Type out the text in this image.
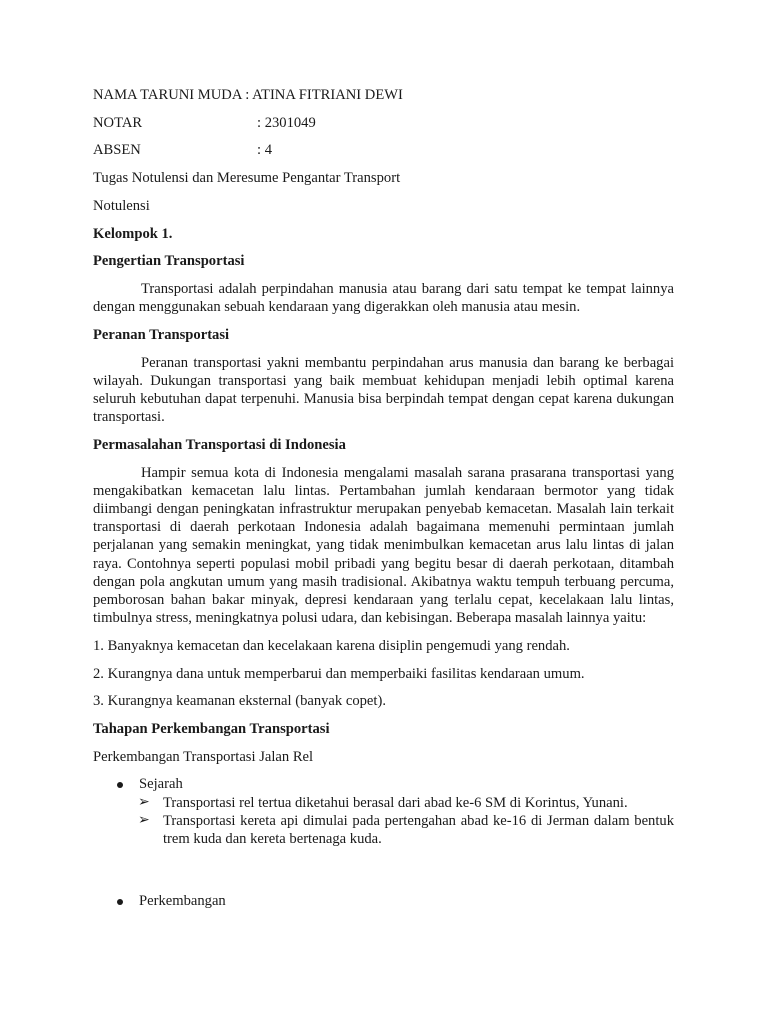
NAMA TARUNI MUDA : ATINA FITRIANI DEWI

NOTAR	: 2301049
ABSEN	: 4

Tugas Notulensi dan Meresume Pengantar Transport

Notulensi

Kelompok 1.

Pengertian Transportasi

Transportasi adalah perpindahan manusia atau barang dari satu tempat ke tempat lainnya dengan menggunakan sebuah kendaraan yang digerakkan oleh manusia atau mesin.

Peranan Transportasi

Peranan transportasi yakni membantu perpindahan arus manusia dan barang ke berbagai wilayah. Dukungan transportasi yang baik membuat kehidupan menjadi lebih optimal karena seluruh kebutuhan dapat terpenuhi. Manusia bisa berpindah tempat dengan cepat karena dukungan transportasi.

Permasalahan Transportasi di Indonesia

Hampir semua kota di Indonesia mengalami masalah sarana prasarana transportasi yang mengakibatkan kemacetan lalu lintas. Pertambahan jumlah kendaraan bermotor yang tidak diimbangi dengan peningkatan infrastruktur merupakan penyebab kemacetan. Masalah lain terkait transportasi di daerah perkotaan Indonesia adalah bagaimana memenuhi permintaan jumlah perjalanan yang semakin meningkat, yang tidak menimbulkan kemacetan arus lalu lintas di jalan raya. Contohnya seperti populasi mobil pribadi yang begitu besar di daerah perkotaan, ditambah dengan pola angkutan umum yang masih tradisional. Akibatnya waktu tempuh terbuang percuma, pemborosan bahan bakar minyak, depresi kendaraan yang terlalu cepat, kecelakaan lalu lintas, timbulnya stress, meningkatnya polusi udara, dan kebisingan. Beberapa masalah lainnya yaitu:

1. Banyaknya kemacetan dan kecelakaan karena disiplin pengemudi yang rendah.

2. Kurangnya dana untuk memperbarui dan memperbaiki fasilitas kendaraan umum.

3. Kurangnya keamanan eksternal (banyak copet).

Tahapan Perkembangan Transportasi

Perkembangan Transportasi Jalan Rel

Sejarah
➢ Transportasi rel tertua diketahui berasal dari abad ke-6 SM di Korintus, Yunani.
➢ Transportasi kereta api dimulai pada pertengahan abad ke-16 di Jerman dalam bentuk trem kuda dan kereta bertenaga kuda.
Perkembangan
